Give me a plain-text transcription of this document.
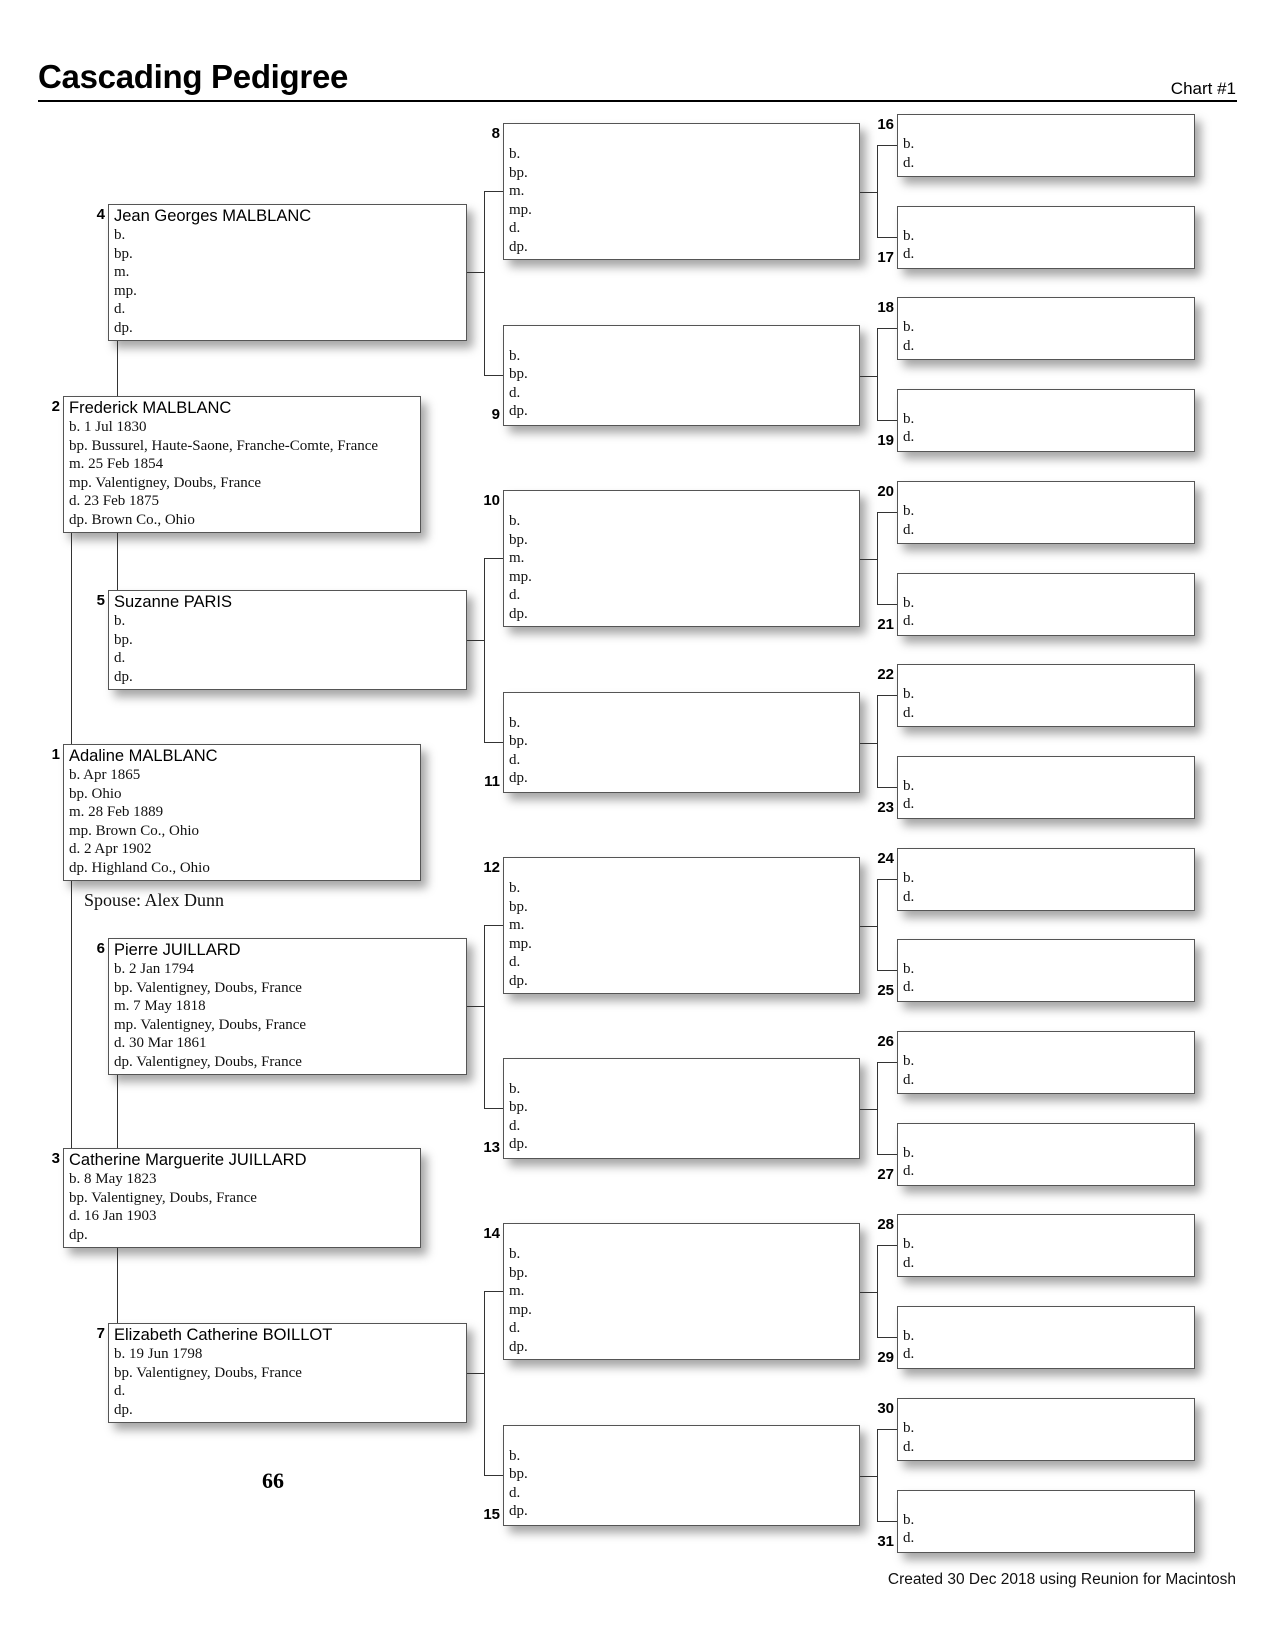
Cascading Pedigree	Chart #1
Adaline MALBLANC
b. Apr 1865
bp. Ohio
m. 28 Feb 1889
mp. Brown Co., Ohio
d. 2 Apr 1902
dp. Highland Co., Ohio
1
Frederick MALBLANC
b. 1 Jul 1830
bp. Bussurel, Haute-Saone, Franche-Comte, France
m. 25 Feb 1854
mp. Valentigney, Doubs, France
d. 23 Feb 1875
dp. Brown Co., Ohio
2
Catherine Marguerite JUILLARD
b. 8 May 1823
bp. Valentigney, Doubs, France
d. 16 Jan 1903
dp.
3
Jean Georges MALBLANC
b.
bp.
m.
mp.
d.
dp.
4
Suzanne PARIS
b.
bp.
d.
dp.
5
Pierre JUILLARD
b. 2 Jan 1794
bp. Valentigney, Doubs, France
m. 7 May 1818
mp. Valentigney, Doubs, France
d. 30 Mar 1861
dp. Valentigney, Doubs, France
6
Elizabeth Catherine BOILLOT
b. 19 Jun 1798
bp. Valentigney, Doubs, France
d.
dp.
7

b.
bp.
m.
mp.
d.
dp.
8

b.
bp.
d.
dp.
9

b.
bp.
m.
mp.
d.
dp.
10

b.
bp.
d.
dp.
11

b.
bp.
m.
mp.
d.
dp.
12

b.
bp.
d.
dp.
13

b.
bp.
m.
mp.
d.
dp.
14

b.
bp.
d.
dp.
15

b.
d.
16

b.
d.
17

b.
d.
18

b.
d.
19

b.
d.
20

b.
d.
21

b.
d.
22

b.
d.
23

b.
d.
24

b.
d.
25

b.
d.
26

b.
d.
27

b.
d.
28

b.
d.
29

b.
d.
30

b.
d.
31
Spouse: Alex Dunn
66
Created 30 Dec 2018 using Reunion for Macintosh
